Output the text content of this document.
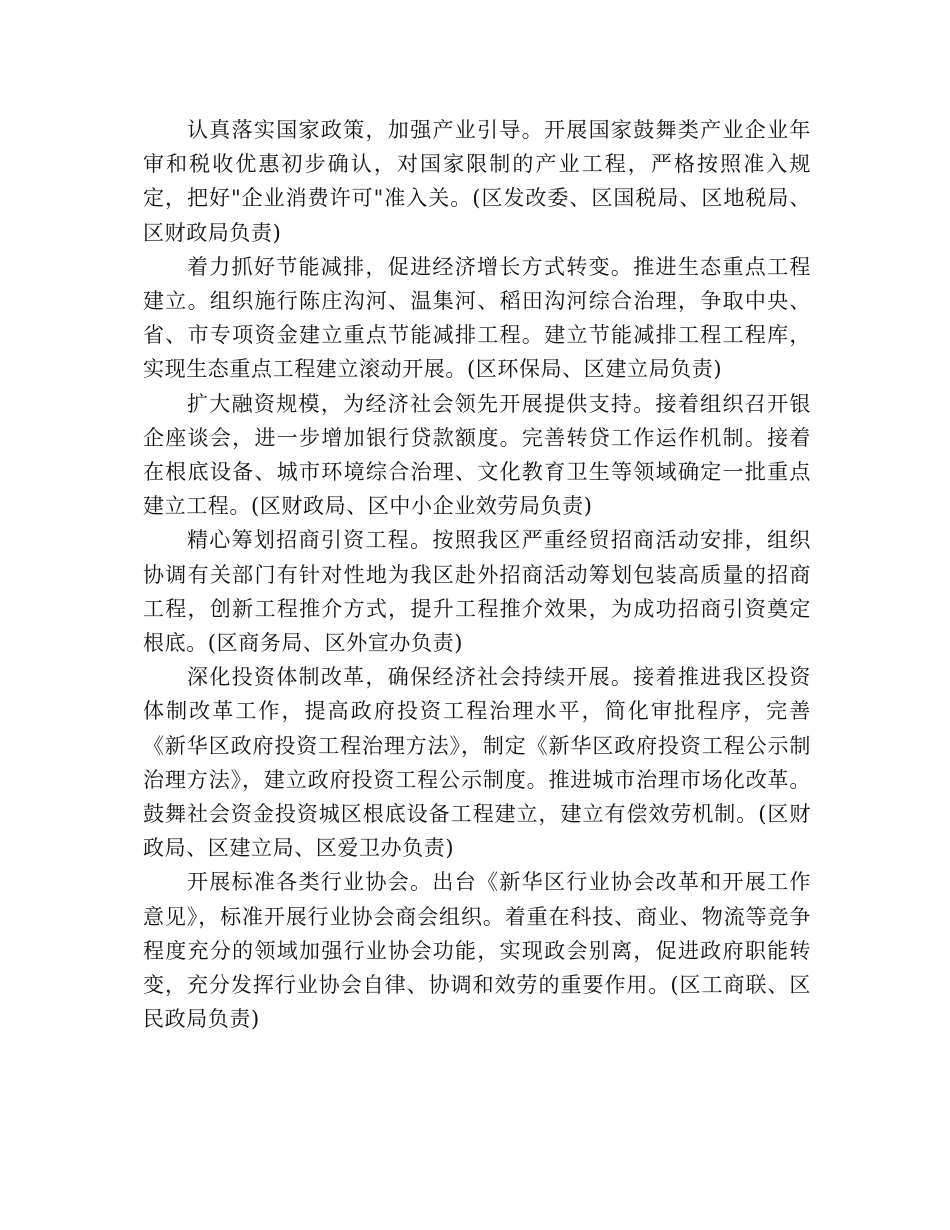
认真落实国家政策，加强产业引导。开展国家鼓舞类产业企业年审和税收优惠初步确认，对国家限制的产业工程，严格按照准入规定，把好"企业消费许可"准入关。(区发改委、区国税局、区地税局、区财政局负责)

着力抓好节能减排，促进经济增长方式转变。推进生态重点工程建立。组织施行陈庄沟河、温集河、稻田沟河综合治理，争取中央、省、市专项资金建立重点节能减排工程。建立节能减排工程工程库，实现生态重点工程建立滚动开展。(区环保局、区建立局负责)

扩大融资规模，为经济社会领先开展提供支持。接着组织召开银企座谈会，进一步增加银行贷款额度。完善转贷工作运作机制。接着在根底设备、城市环境综合治理、文化教育卫生等领域确定一批重点建立工程。(区财政局、区中小企业效劳局负责)

精心筹划招商引资工程。按照我区严重经贸招商活动安排，组织协调有关部门有针对性地为我区赴外招商活动筹划包装高质量的招商工程，创新工程推介方式，提升工程推介效果，为成功招商引资奠定根底。(区商务局、区外宣办负责)

深化投资体制改革，确保经济社会持续开展。接着推进我区投资体制改革工作，提高政府投资工程治理水平，简化审批程序，完善《新华区政府投资工程治理方法》，制定《新华区政府投资工程公示制治理方法》，建立政府投资工程公示制度。推进城市治理市场化改革。鼓舞社会资金投资城区根底设备工程建立，建立有偿效劳机制。(区财政局、区建立局、区爱卫办负责)

开展标准各类行业协会。出台《新华区行业协会改革和开展工作意见》，标准开展行业协会商会组织。着重在科技、商业、物流等竞争程度充分的领域加强行业协会功能，实现政会别离，促进政府职能转变，充分发挥行业协会自律、协调和效劳的重要作用。(区工商联、区民政局负责)
